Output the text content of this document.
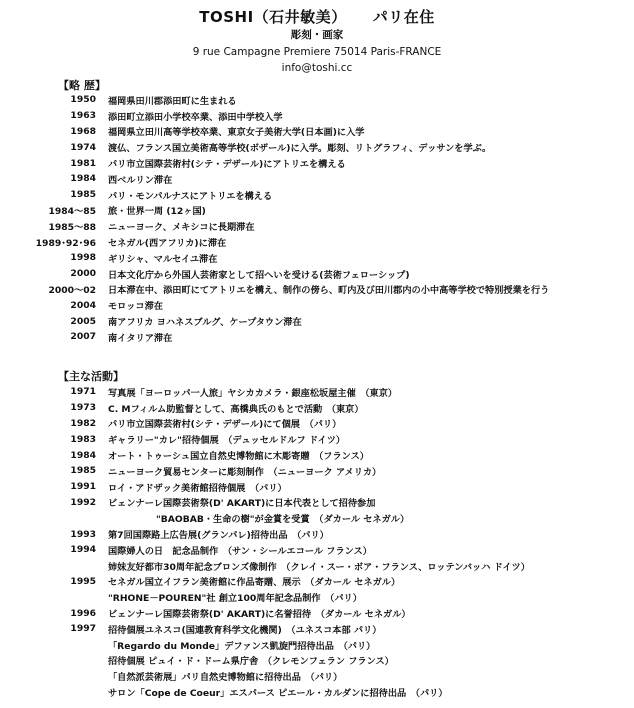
TOSHI（石井敏美） パリ在住
彫刻・画家
9 rue Campagne Premiere 75014 Paris-FRANCE
info@toshi.cc
【略 歴】
1950	福岡県田川郡添田町に生まれる
1963	添田町立添田小学校卒業、添田中学校入学
1968	福岡県立田川高等学校卒業、東京女子美術大学(日本画)に入学
1974	渡仏、フランス国立美術高等学校(ボザール)に入学。彫刻、リトグラフィ、デッサンを学ぶ。
1981	パリ市立国際芸術村(シテ・デザール)にアトリエを構える
1984	西ベルリン滞在
1985	パリ・モンパルナスにアトリエを構える
1984～85	旅・世界一周 (12ヶ国)
1985～88	ニューヨーク、メキシコに長期滞在
1989･92･96	セネガル(西アフリカ)に滞在
1998	ギリシャ、マルセイユ滞在
2000	日本文化庁から外国人芸術家として招へいを受ける(芸術フェローシップ)
2000～02	日本滞在中、添田町にてアトリエを構え、制作の傍ら、町内及び田川郡内の小中高等学校で特別授業を行う
2004	モロッコ滞在
2005	南アフリカ ヨハネスブルグ、ケープタウン滞在
2007	南イタリア滞在
【主な活動】
1971	写真展「ヨーロッパ一人旅」ヤシカカメラ・銀座松坂屋主催　（東京）
1973	C. Mフィルム助監督として、高橋典氏のもとで活動　（東京）
1982	パリ市立国際芸術村(シテ・デザール)にて個展　（パリ）
1983	ギャラリー"カレ"招待個展　（デュッセルドルフ ドイツ）
1984	オート・トゥーシュ国立自然史博物館に木彫寄贈　（フランス）
1985	ニューヨーク貿易センターに彫刻制作　（ニューヨーク アメリカ）
1991	ロイ・アドザック美術館招待個展　（パリ）
1992	ビェンナーレ国際芸術祭(D' AKART)に日本代表として招待参加
"BAOBAB・生命の樹"が金賞を受賞　（ダカール セネガル）
1993	第7回国際路上広告展(グランパレ)招待出品　（パリ）
1994	国際婦人の日　記念品制作　（サン・シールエコール フランス）
姉妹友好都市30周年記念ブロンズ像制作　（クレイ・スー・ボア・フランス、ロッテンバッハ ドイツ）
1995	セネガル国立イフラン美術館に作品寄贈、展示　（ダカール セネガル）
"RHONE－POUREN"社 創立100周年記念品制作　（パリ）
1996	ビェンナーレ国際芸術祭(D' AKART)に名誉招待　（ダカール セネガル）
1997	招待個展ユネスコ(国連教育科学文化機関)　（ユネスコ本部 パリ）
「Regardo du Monde」デファンス凱旋門招待出品　（パリ）
招待個展 ピュイ・ド・ドーム県庁舎　（クレモンフェラン フランス）
「自然派芸術展」パリ自然史博物館に招待出品　（パリ）
サロン「Cope de Coeur」エスパース ピエール・カルダンに招待出品　（パリ）
